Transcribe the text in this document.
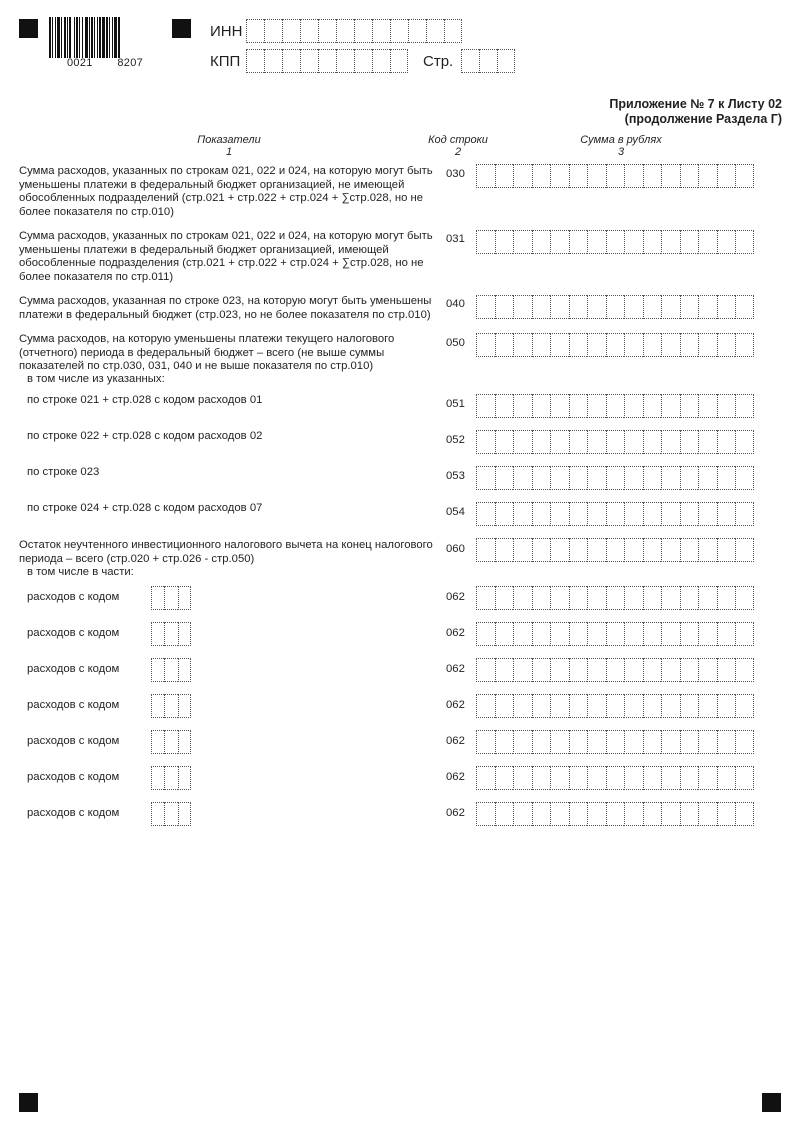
0021 8207
ИНН
КПП	Стр.
Приложение № 7 к Листу 02
(продолжение Раздела Г)
Показатели
1
Код строки
2
Сумма в рублях
3
Сумма расходов, указанных по строкам 021, 022 и 024, на которую могут быть уменьшены платежи в федеральный бюджет организацией, не имеющей обособленных подразделений (стр.021 + стр.022 + стр.024 + ∑стр.028, но не более показателя по стр.010)
030
Сумма расходов, указанных по строкам 021, 022 и 024, на которую могут быть уменьшены платежи в федеральный бюджет организацией, имеющей обособленные подразделения (стр.021 + стр.022 + стр.024 + ∑стр.028, но не более показателя по стр.011)
031
Сумма расходов, указанная по строке 023, на которую могут быть уменьшены платежи в федеральный бюджет (стр.023, но не более показателя по стр.010)
040
Сумма расходов, на которую уменьшены платежи текущего налогового (отчетного) периода в федеральный бюджет – всего (не выше суммы показателей по стр.030, 031, 040 и не выше показателя по стр.010)
050
в том числе из указанных:
по строке 021 + стр.028 с кодом расходов 01	051
по строке 022 + стр.028 с кодом расходов 02	052
по строке 023	053
по строке 024 + стр.028 с кодом расходов 07	054
Остаток неучтенного инвестиционного налогового вычета на конец налогового периода – всего (стр.020 + стр.026 - стр.050)
060
в том числе в части:
расходов с кодом	062
расходов с кодом	062
расходов с кодом	062
расходов с кодом	062
расходов с кодом	062
расходов с кодом	062
расходов с кодом	062
